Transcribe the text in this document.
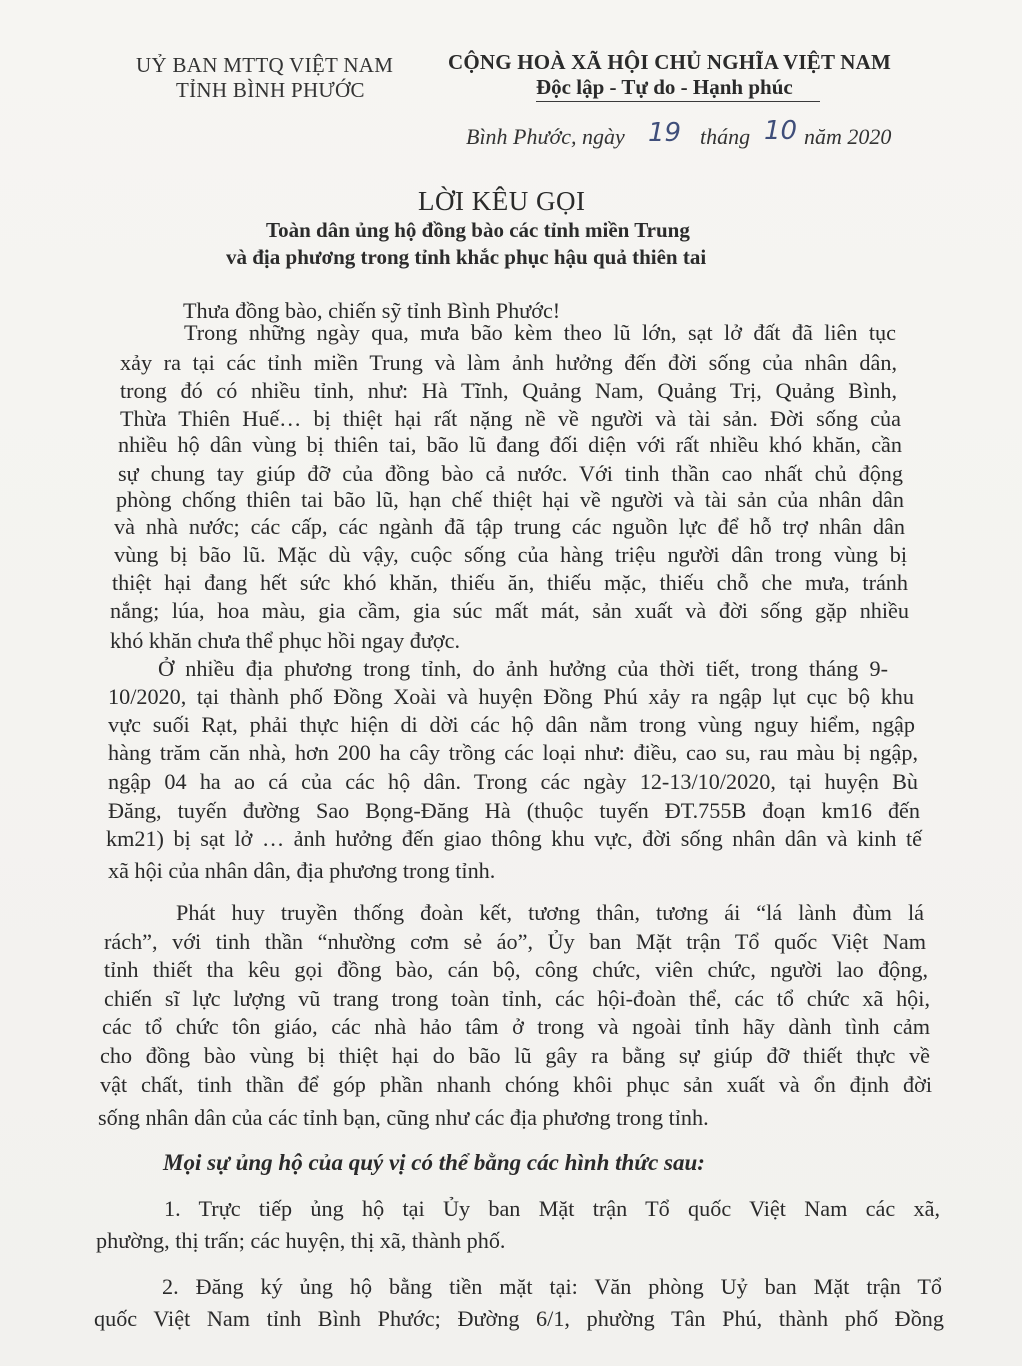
UỶ BAN MTTQ VIỆT NAM
TỈNH BÌNH PHƯỚC
CỘNG HOÀ XÃ HỘI CHỦ NGHĨA VIỆT NAM
Độc lập - Tự do - Hạnh phúc
Bình Phước, ngày 19 tháng 10 năm 2020
LỜI KÊU GỌI
Toàn dân ủng hộ đồng bào các tỉnh miền Trung
và địa phương trong tỉnh khắc phục hậu quả thiên tai
Thưa đồng bào, chiến sỹ tỉnh Bình Phước!
Trong những ngày qua, mưa bão kèm theo lũ lớn, sạt lở đất đã liên tục
xảy ra tại các tỉnh miền Trung và làm ảnh hưởng đến đời sống của nhân dân,
trong đó có nhiều tỉnh, như: Hà Tĩnh, Quảng Nam, Quảng Trị, Quảng Bình,
Thừa Thiên Huế… bị thiệt hại rất nặng nề về người và tài sản. Đời sống của
nhiều hộ dân vùng bị thiên tai, bão lũ đang đối diện với rất nhiều khó khăn, cần
sự chung tay giúp đỡ của đồng bào cả nước. Với tinh thần cao nhất chủ động
phòng chống thiên tai bão lũ, hạn chế thiệt hại về người và tài sản của nhân dân
và nhà nước; các cấp, các ngành đã tập trung các nguồn lực để hỗ trợ nhân dân
vùng bị bão lũ. Mặc dù vậy, cuộc sống của hàng triệu người dân trong vùng bị
thiệt hại đang hết sức khó khăn, thiếu ăn, thiếu mặc, thiếu chỗ che mưa, tránh
nắng; lúa, hoa màu, gia cầm, gia súc mất mát, sản xuất và đời sống gặp nhiều
khó khăn chưa thể phục hồi ngay được.
Ở nhiều địa phương trong tỉnh, do ảnh hưởng của thời tiết, trong tháng 9-
10/2020, tại thành phố Đồng Xoài và huyện Đồng Phú xảy ra ngập lụt cục bộ khu
vực suối Rạt, phải thực hiện di dời các hộ dân nằm trong vùng nguy hiểm, ngập
hàng trăm căn nhà, hơn 200 ha cây trồng các loại như: điều, cao su, rau màu bị ngập,
ngập 04 ha ao cá của các hộ dân. Trong các ngày 12-13/10/2020, tại huyện Bù
Đăng, tuyến đường Sao Bọng-Đăng Hà (thuộc tuyến ĐT.755B đoạn km16 đến
km21) bị sạt lở … ảnh hưởng đến giao thông khu vực, đời sống nhân dân và kinh tế
xã hội của nhân dân, địa phương trong tỉnh.
Phát huy truyền thống đoàn kết, tương thân, tương ái “lá lành đùm lá
rách”, với tinh thần “nhường cơm sẻ áo”, Ủy ban Mặt trận Tổ quốc Việt Nam
tỉnh thiết tha kêu gọi đồng bào, cán bộ, công chức, viên chức, người lao động,
chiến sĩ lực lượng vũ trang trong toàn tỉnh, các hội-đoàn thể, các tổ chức xã hội,
các tổ chức tôn giáo, các nhà hảo tâm ở trong và ngoài tỉnh hãy dành tình cảm
cho đồng bào vùng bị thiệt hại do bão lũ gây ra bằng sự giúp đỡ thiết thực về
vật chất, tinh thần để góp phần nhanh chóng khôi phục sản xuất và ổn định đời
sống nhân dân của các tỉnh bạn, cũng như các địa phương trong tỉnh.
Mọi sự ủng hộ của quý vị có thể bằng các hình thức sau:
1. Trực tiếp ủng hộ tại Ủy ban Mặt trận Tổ quốc Việt Nam các xã,
phường, thị trấn; các huyện, thị xã, thành phố.
2. Đăng ký ủng hộ bằng tiền mặt tại: Văn phòng Uỷ ban Mặt trận Tổ
quốc Việt Nam tỉnh Bình Phước; Đường 6/1, phường Tân Phú, thành phố Đồng
